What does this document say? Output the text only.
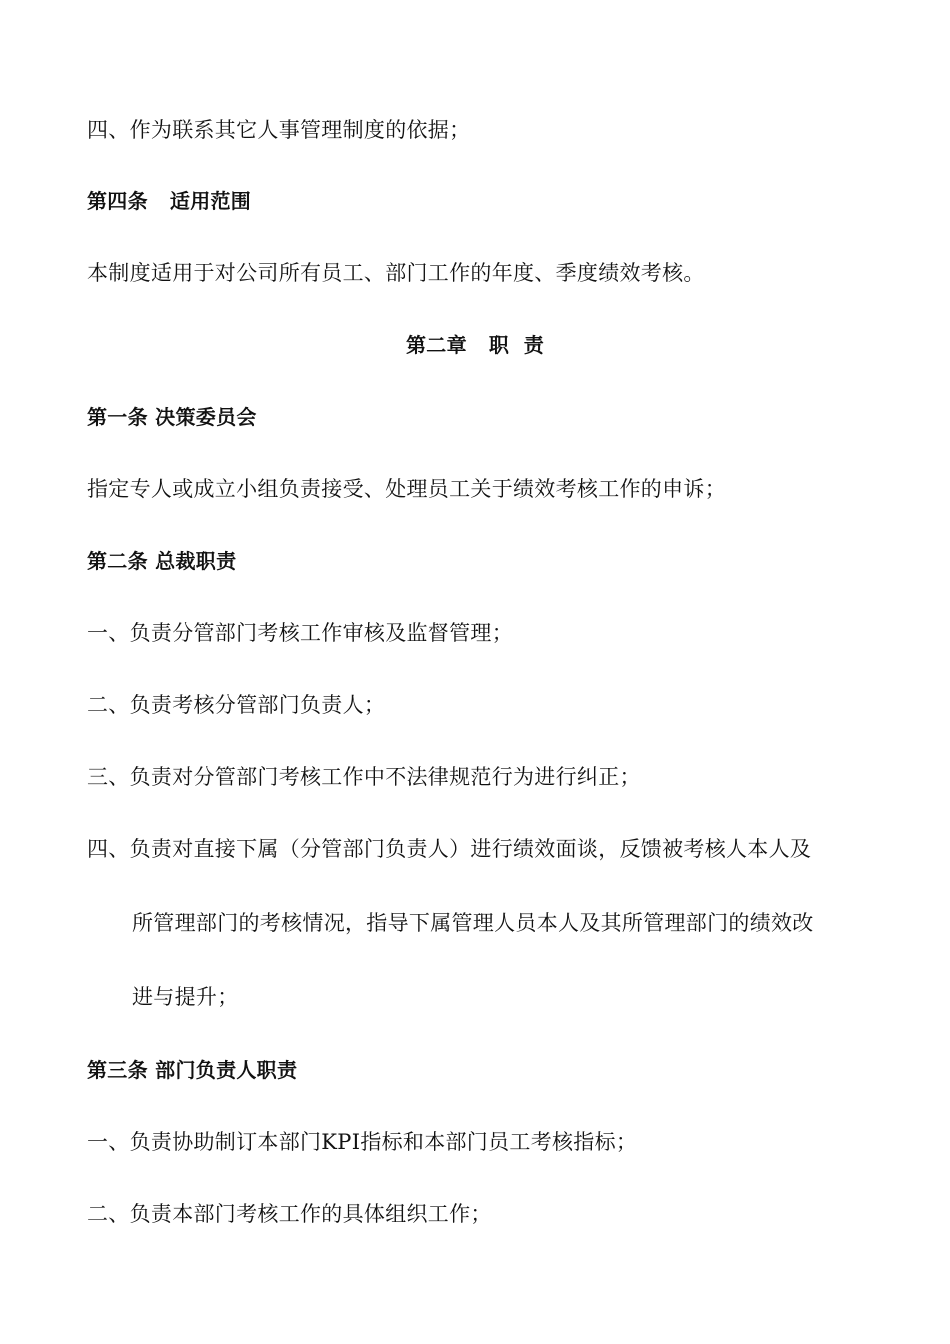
四、作为联系其它人事管理制度的依据；
第四条 适用范围
本制度适用于对公司所有员工、部门工作的年度、季度绩效考核。
第二章 职  责
第一条 决策委员会
指定专人或成立小组负责接受、处理员工关于绩效考核工作的申诉；
第二条 总裁职责
一、负责分管部门考核工作审核及监督管理；
二、负责考核分管部门负责人；
三、负责对分管部门考核工作中不法律规范行为进行纠正；
四、负责对直接下属（分管部门负责人）进行绩效面谈，反馈被考核人本人及
所管理部门的考核情况，指导下属管理人员本人及其所管理部门的绩效改
进与提升；
第三条 部门负责人职责
一、负责协助制订本部门KPI指标和本部门员工考核指标；
二、负责本部门考核工作的具体组织工作；
